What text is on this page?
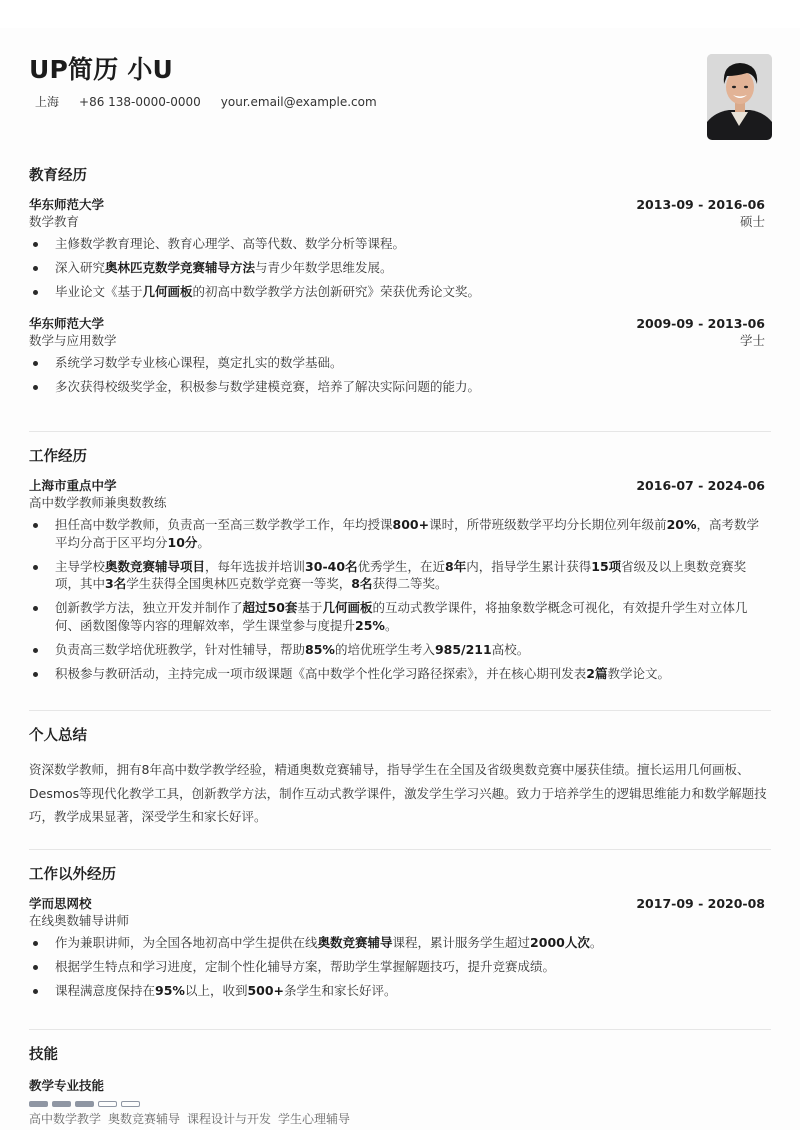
UP简历 小U
上海 +86 138-0000-0000 your.email@example.com
教育经历
华东师范大学	2013-09 - 2016-06
数学教育	硕士
主修数学教育理论、教育心理学、高等代数、数学分析等课程。
深入研究奥林匹克数学竞赛辅导方法与青少年数学思维发展。
毕业论文《基于几何画板的初高中数学教学方法创新研究》荣获优秀论文奖。
华东师范大学	2009-09 - 2013-06
数学与应用数学	学士
系统学习数学专业核心课程，奠定扎实的数学基础。
多次获得校级奖学金，积极参与数学建模竞赛，培养了解决实际问题的能力。
工作经历
上海市重点中学	2016-07 - 2024-06
高中数学教师兼奥数教练
担任高中数学教师，负责高一至高三数学教学工作，年均授课800+课时，所带班级数学平均分长期位列年级前20%，高考数学平均分高于区平均分10分。
主导学校奥数竞赛辅导项目，每年选拔并培训30-40名优秀学生，在近8年内，指导学生累计获得15项省级及以上奥数竞赛奖项，其中3名学生获得全国奥林匹克数学竞赛一等奖，8名获得二等奖。
创新教学方法，独立开发并制作了超过50套基于几何画板的互动式教学课件，将抽象数学概念可视化，有效提升学生对立体几何、函数图像等内容的理解效率，学生课堂参与度提升25%。
负责高三数学培优班教学，针对性辅导，帮助85%的培优班学生考入985/211高校。
积极参与教研活动，主持完成一项市级课题《高中数学个性化学习路径探索》，并在核心期刊发表2篇教学论文。
个人总结
资深数学教师，拥有8年高中数学教学经验，精通奥数竞赛辅导，指导学生在全国及省级奥数竞赛中屡获佳绩。擅长运用几何画板、Desmos等现代化教学工具，创新教学方法，制作互动式教学课件，激发学生学习兴趣。致力于培养学生的逻辑思维能力和数学解题技巧，教学成果显著，深受学生和家长好评。
工作以外经历
学而思网校	2017-09 - 2020-08
在线奥数辅导讲师
作为兼职讲师，为全国各地初高中学生提供在线奥数竞赛辅导课程，累计服务学生超过2000人次。
根据学生特点和学习进度，定制个性化辅导方案，帮助学生掌握解题技巧，提升竞赛成绩。
课程满意度保持在95%以上，收到500+条学生和家长好评。
技能
教学专业技能
高中数学教学 奥数竞赛辅导 课程设计与开发 学生心理辅导
